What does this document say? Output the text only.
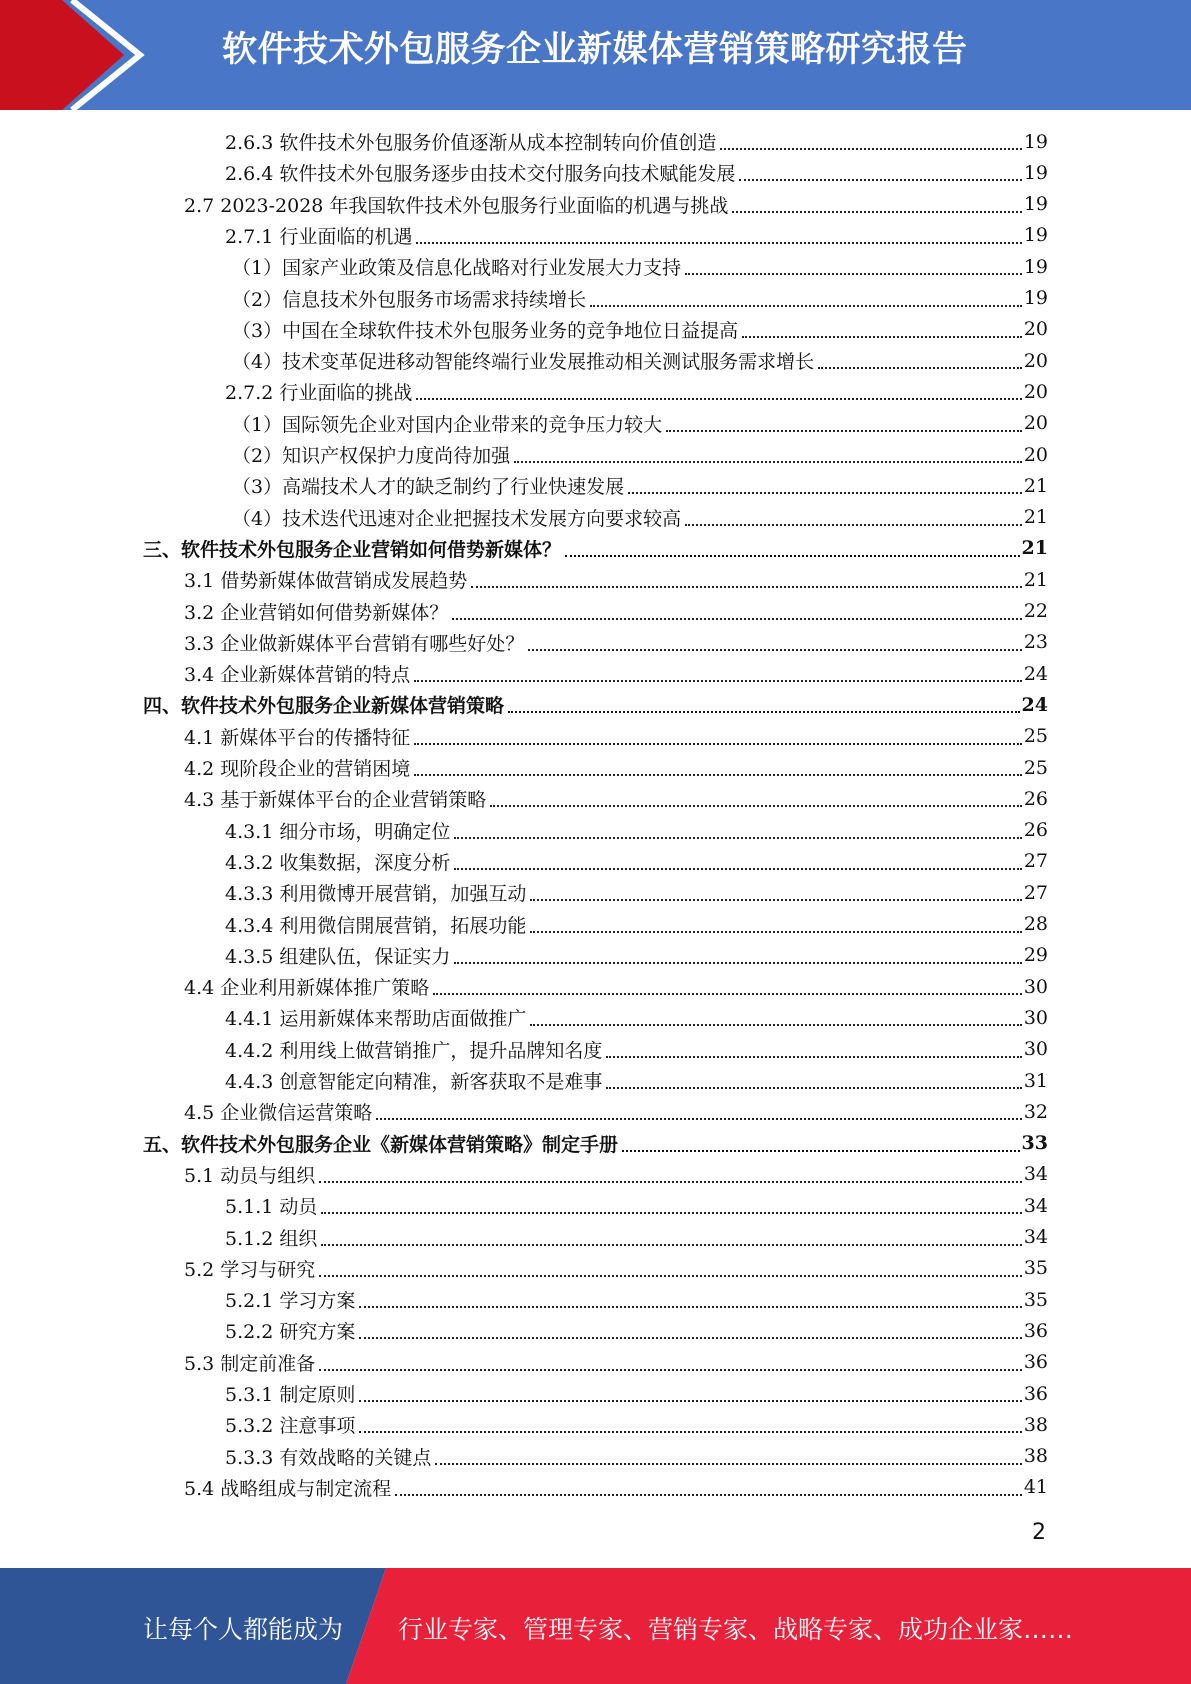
软件技术外包服务企业新媒体营销策略研究报告
2.6.3 软件技术外包服务价值逐渐从成本控制转向价值创造	19
2.6.4 软件技术外包服务逐步由技术交付服务向技术赋能发展	19
2.7 2023-2028 年我国软件技术外包服务行业面临的机遇与挑战	19
2.7.1 行业面临的机遇	19
（1）国家产业政策及信息化战略对行业发展大力支持	19
（2）信息技术外包服务市场需求持续增长	19
（3）中国在全球软件技术外包服务业务的竞争地位日益提高	20
（4）技术变革促进移动智能终端行业发展推动相关测试服务需求增长	20
2.7.2 行业面临的挑战	20
（1）国际领先企业对国内企业带来的竞争压力较大	20
（2）知识产权保护力度尚待加强	20
（3）高端技术人才的缺乏制约了行业快速发展	21
（4）技术迭代迅速对企业把握技术发展方向要求较高	21
三、软件技术外包服务企业营销如何借势新媒体？	21
3.1 借势新媒体做营销成发展趋势	21
3.2 企业营销如何借势新媒体？	22
3.3 企业做新媒体平台营销有哪些好处？	23
3.4 企业新媒体营销的特点	24
四、软件技术外包服务企业新媒体营销策略	24
4.1 新媒体平台的传播特征	25
4.2 现阶段企业的营销困境	25
4.3 基于新媒体平台的企业营销策略	26
4.3.1 细分市场，明确定位	26
4.3.2 收集数据，深度分析	27
4.3.3 利用微博开展营销，加强互动	27
4.3.4 利用微信開展营销，拓展功能	28
4.3.5 组建队伍，保证实力	29
4.4 企业利用新媒体推广策略	30
4.4.1 运用新媒体来帮助店面做推广	30
4.4.2 利用线上做营销推广，提升品牌知名度	30
4.4.3 创意智能定向精准，新客获取不是难事	31
4.5 企业微信运营策略	32
五、软件技术外包服务企业《新媒体营销策略》制定手册	33
5.1 动员与组织	34
5.1.1 动员	34
5.1.2 组织	34
5.2 学习与研究	35
5.2.1 学习方案	35
5.2.2 研究方案	36
5.3 制定前准备	36
5.3.1 制定原则	36
5.3.2 注意事项	38
5.3.3 有效战略的关键点	38
5.4 战略组成与制定流程	41
2
让每个人都能成为 行业专家、管理专家、营销专家、战略专家、成功企业家……
